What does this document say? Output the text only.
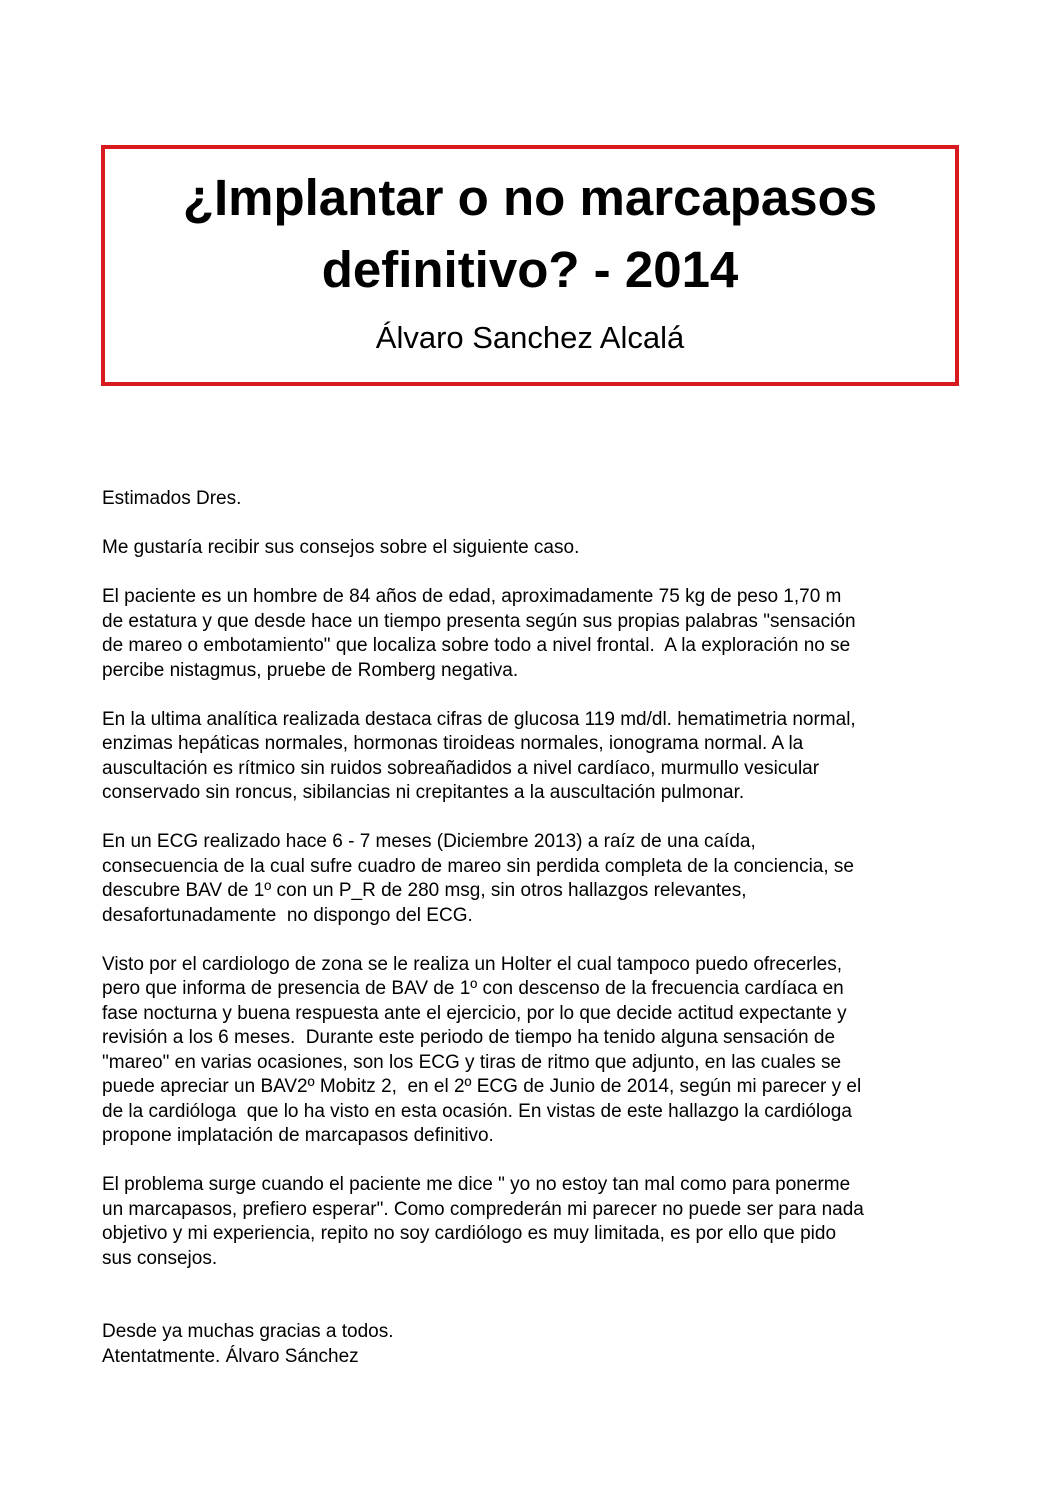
¿Implantar o no marcapasos
definitivo? - 2014
Álvaro Sanchez Alcalá

Estimados Dres.

Me gustaría recibir sus consejos sobre el siguiente caso.

El paciente es un hombre de 84 años de edad, aproximadamente 75 kg de peso 1,70 m
de estatura y que desde hace un tiempo presenta según sus propias palabras "sensación
de mareo o embotamiento" que localiza sobre todo a nivel frontal.  A la exploración no se
percibe nistagmus, pruebe de Romberg negativa.

En la ultima analítica realizada destaca cifras de glucosa 119 md/dl. hematimetria normal,
enzimas hepáticas normales, hormonas tiroideas normales, ionograma normal. A la
auscultación es rítmico sin ruidos sobreañadidos a nivel cardíaco, murmullo vesicular
conservado sin roncus, sibilancias ni crepitantes a la auscultación pulmonar.

En un ECG realizado hace 6 - 7 meses (Diciembre 2013) a raíz de una caída,
consecuencia de la cual sufre cuadro de mareo sin perdida completa de la conciencia, se
descubre BAV de 1º con un P_R de 280 msg, sin otros hallazgos relevantes,
desafortunadamente  no dispongo del ECG.

Visto por el cardiologo de zona se le realiza un Holter el cual tampoco puedo ofrecerles,
pero que informa de presencia de BAV de 1º con descenso de la frecuencia cardíaca en
fase nocturna y buena respuesta ante el ejercicio, por lo que decide actitud expectante y
revisión a los 6 meses.  Durante este periodo de tiempo ha tenido alguna sensación de
"mareo" en varias ocasiones, son los ECG y tiras de ritmo que adjunto, en las cuales se
puede apreciar un BAV2º Mobitz 2,  en el 2º ECG de Junio de 2014, según mi parecer y el
de la cardióloga  que lo ha visto en esta ocasión. En vistas de este hallazgo la cardióloga
propone implatación de marcapasos definitivo.

El problema surge cuando el paciente me dice " yo no estoy tan mal como para ponerme
un marcapasos, prefiero esperar". Como comprederán mi parecer no puede ser para nada
objetivo y mi experiencia, repito no soy cardiólogo es muy limitada, es por ello que pido
sus consejos.

Desde ya muchas gracias a todos.
Atentatmente. Álvaro Sánchez
